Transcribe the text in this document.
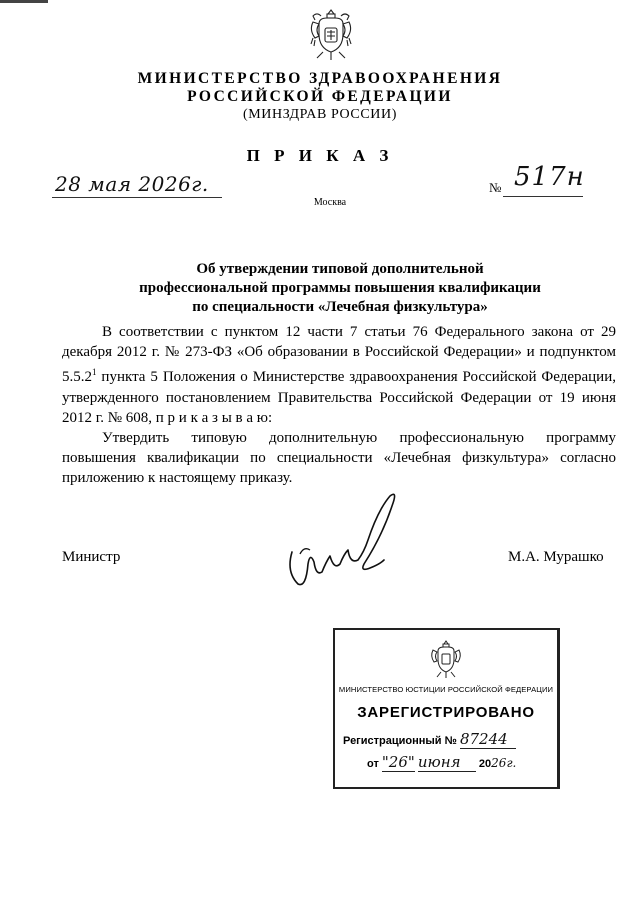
МИНИСТЕРСТВО ЗДРАВООХРАНЕНИЯ
РОССИЙСКОЙ ФЕДЕРАЦИИ
(МИНЗДРАВ РОССИИ)
П Р И К А З
28 мая 2026г.	№ 517н
Москва
Об утверждении типовой дополнительной
профессиональной программы повышения квалификации
по специальности «Лечебная физкультура»

В соответствии с пунктом 12 части 7 статьи 76 Федерального закона от 29 декабря 2012 г. № 273-ФЗ «Об образовании в Российской Федерации» и подпунктом 5.5.2$^1$ пункта 5 Положения о Министерстве здравоохранения Российской Федерации, утвержденного постановлением Правительства Российской Федерации от 19 июня 2012 г. № 608, п р и к а з ы в а ю:

Утвердить типовую дополнительную профессиональную программу повышения квалификации по специальности «Лечебная физкультура» согласно приложению к настоящему приказу.

Министр	М.А. Мурашко
МИНИСТЕРСТВО ЮСТИЦИИ РОССИЙСКОЙ ФЕДЕРАЦИИ
ЗАРЕГИСТРИРОВАНО
Регистрационный № 87244
от "26" июня 2026г.
